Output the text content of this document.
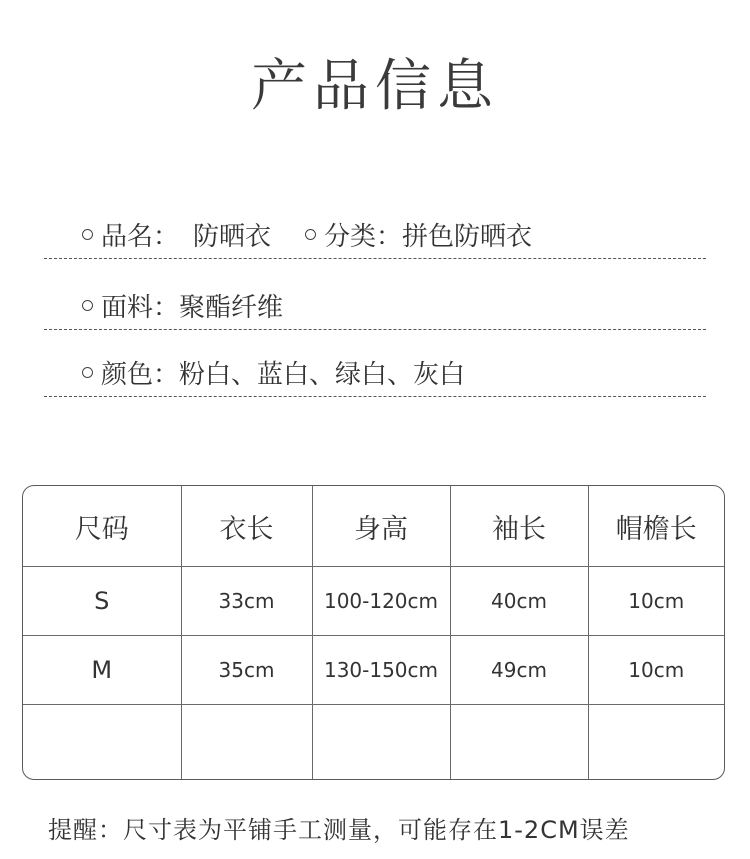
产品信息
品名： 防晒衣 分类： 拼色防晒衣
面料： 聚酯纤维
颜色： 粉白、蓝白、绿白、灰白
尺码	衣长	身高	袖长	帽檐长
S	33cm	100-120cm	40cm	10cm
M	35cm	130-150cm	49cm	10cm

提醒：尺寸表为平铺手工测量，可能存在1-2CM误差
